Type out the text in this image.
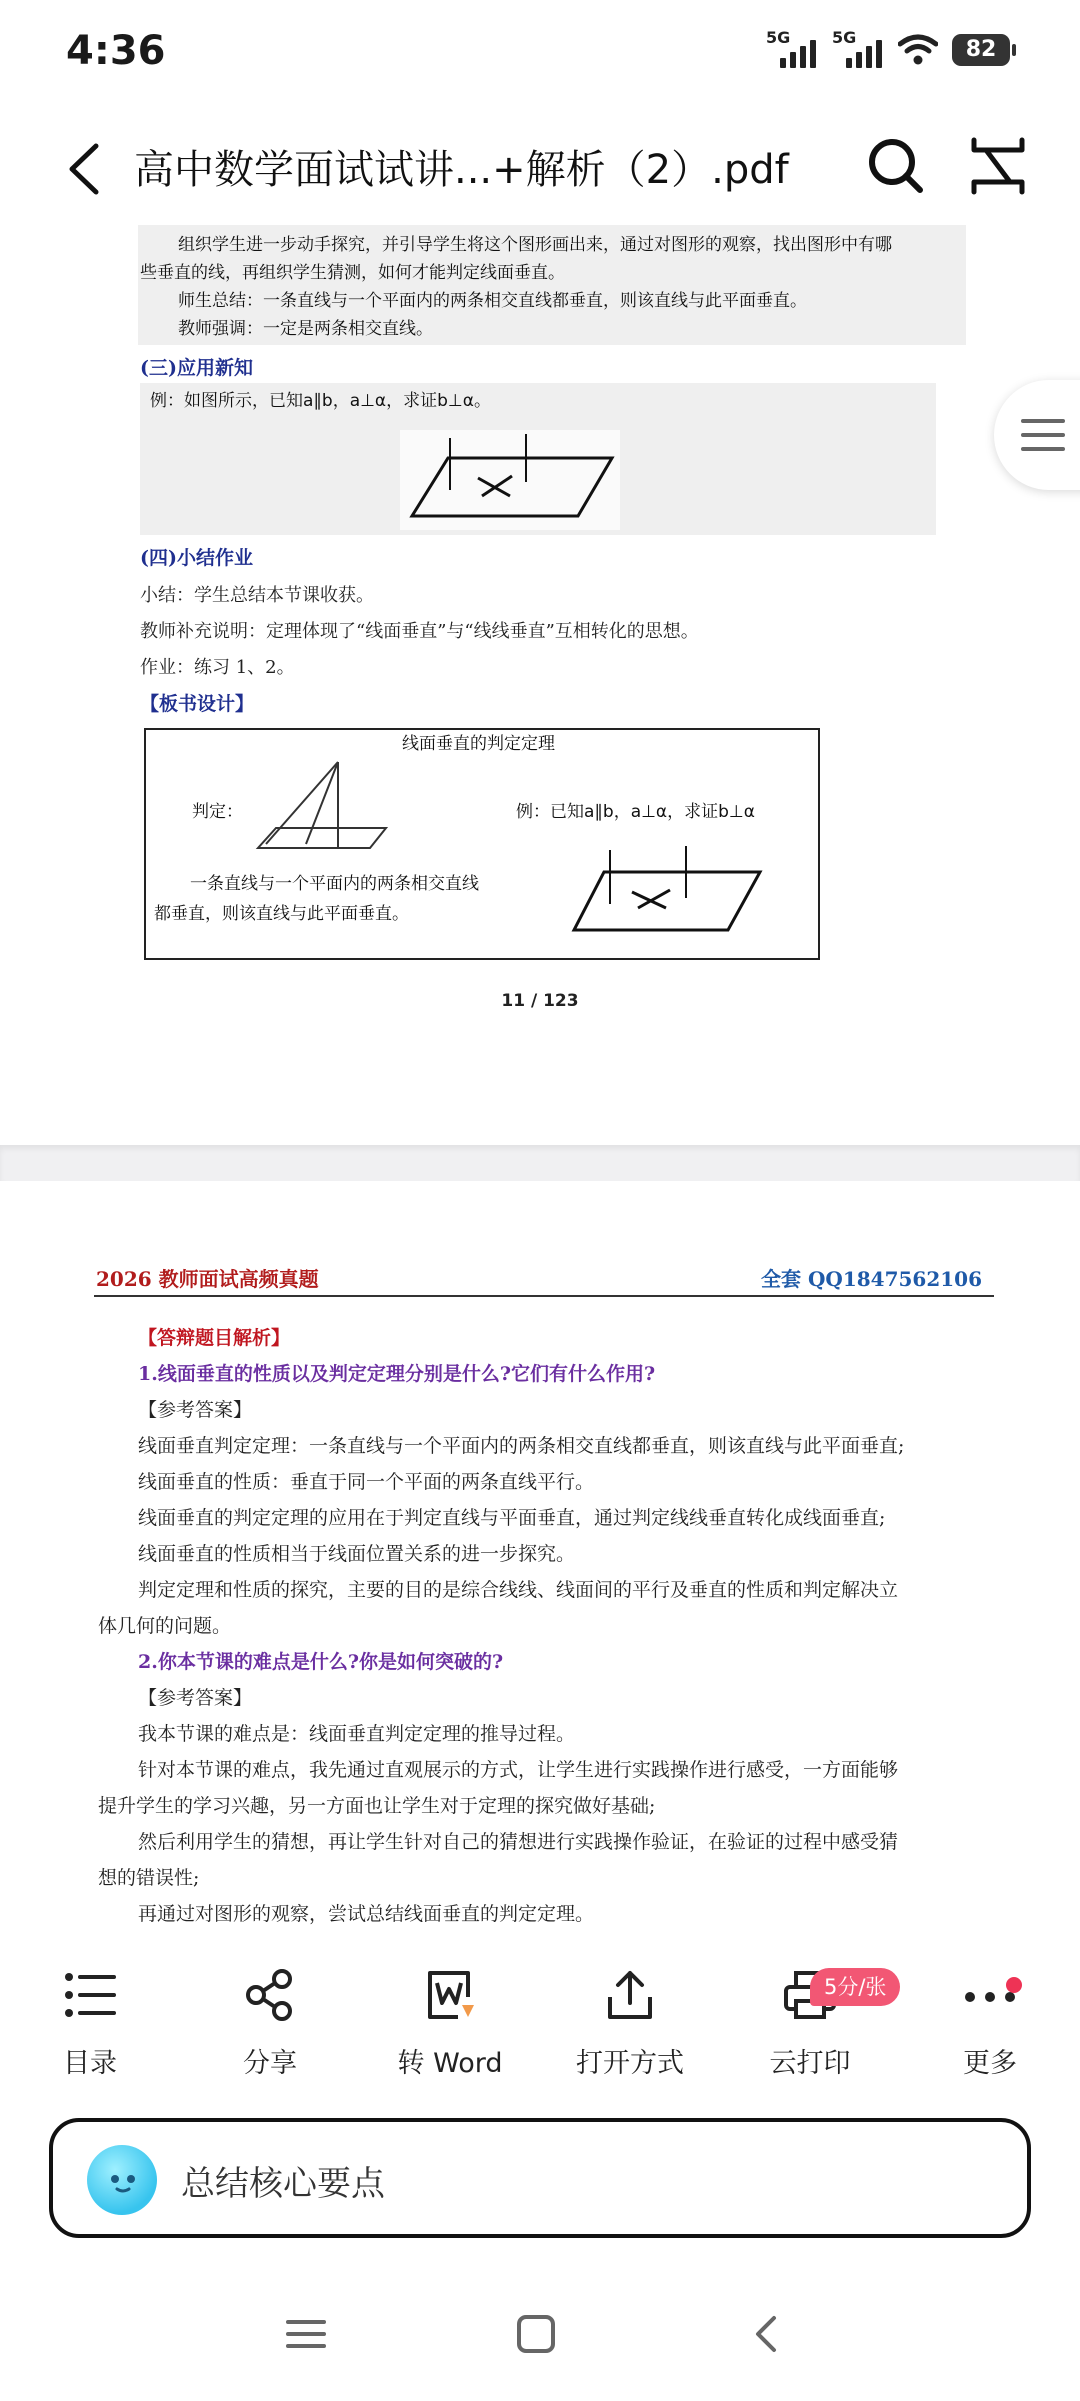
4:36	5G	5G	82
高中数学面试试讲...+解析（2）.pdf
组织学生进一步动手探究，并引导学生将这个图形画出来，通过对图形的观察，找出图形中有哪
些垂直的线，再组织学生猜测，如何才能判定线面垂直。
师生总结：一条直线与一个平面内的两条相交直线都垂直，则该直线与此平面垂直。
教师强调：一定是两条相交直线。
(三)应用新知
例：如图所示，已知a∥b，a⊥α，求证b⊥α。
(四)小结作业
小结：学生总结本节课收获。
教师补充说明：定理体现了“线面垂直”与“线线垂直”互相转化的思想。
作业：练习 1、2。
【板书设计】
线面垂直的判定定理
判定：	例：已知a∥b，a⊥α，求证b⊥α
一条直线与一个平面内的两条相交直线
都垂直，则该直线与此平面垂直。
11 / 123
2026 教师面试高频真题	全套 QQ1847562106
【答辩题目解析】
1.线面垂直的性质以及判定定理分别是什么?它们有什么作用?
【参考答案】
线面垂直判定定理：一条直线与一个平面内的两条相交直线都垂直，则该直线与此平面垂直;
线面垂直的性质：垂直于同一个平面的两条直线平行。
线面垂直的判定定理的应用在于判定直线与平面垂直，通过判定线线垂直转化成线面垂直;
线面垂直的性质相当于线面位置关系的进一步探究。
判定定理和性质的探究，主要的目的是综合线线、线面间的平行及垂直的性质和判定解决立
体几何的问题。
2.你本节课的难点是什么?你是如何突破的?
【参考答案】
我本节课的难点是：线面垂直判定定理的推导过程。
针对本节课的难点，我先通过直观展示的方式，让学生进行实践操作进行感受，一方面能够
提升学生的学习兴趣，另一方面也让学生对于定理的探究做好基础;
然后利用学生的猜想，再让学生针对自己的猜想进行实践操作验证，在验证的过程中感受猜
想的错误性;
再通过对图形的观察，尝试总结线面垂直的判定定理。
目录	分享	转 Word	打开方式	云打印	更多
5分/张
总结核心要点
